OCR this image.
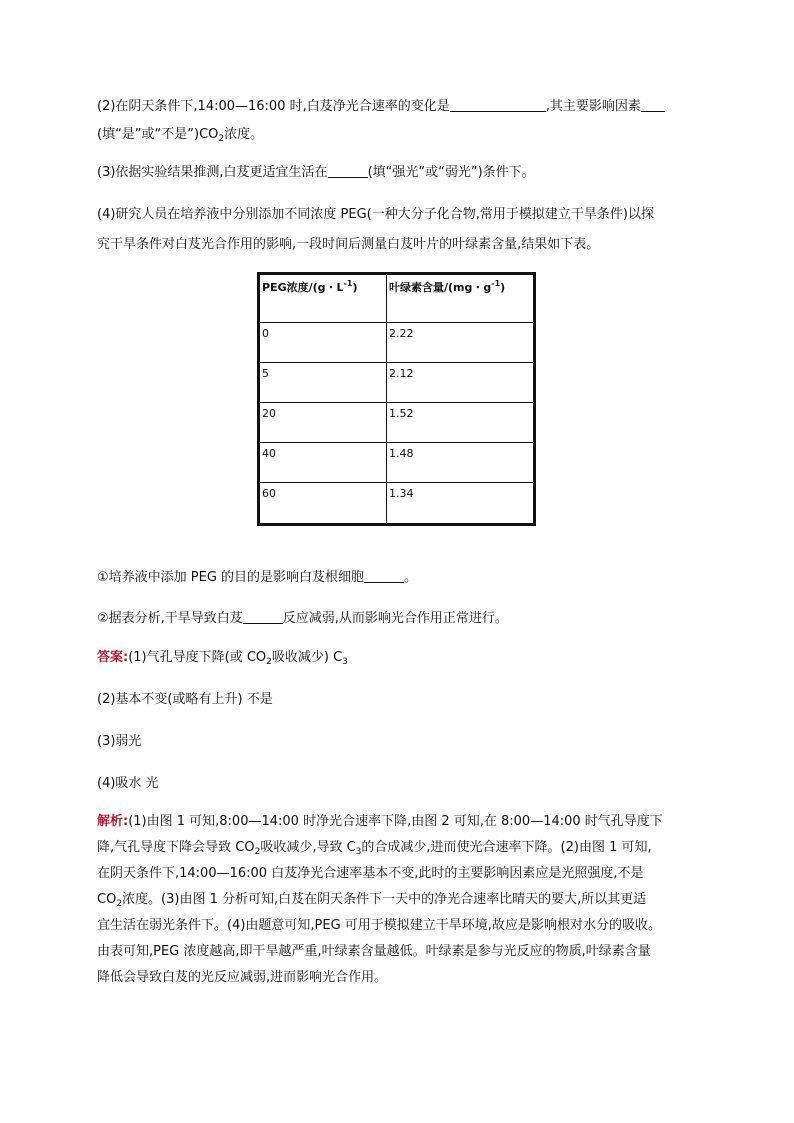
(2)在阴天条件下,14:00—16:00 时,白芨净光合速率的变化是	,其主要影响因素
(填“是”或“不是$”)CO_2$浓度。
(3)依据实验结果推测,白芨更适宜生活在	(填“强光”或“弱光”)条件下。
(4)研究人员在培养液中分别添加不同浓度 PEG(一种大分子化合物,常用于模拟建立干旱条件)以探
究干旱条件对白芨光合作用的影响,一段时间后测量白芨叶片的叶绿素含量,结果如下表。
PEG浓度/(g・$L^{-1}$)	叶绿素含量/(mg・$g^{-1}$)
0	2.22
5	2.12
20	1.52
40	1.48
60	1.34
①培养液中添加 PEG 的目的是影响白芨根细胞	。
②据表分析,干旱导致白芨	反应减弱,从而影响光合作用正常进行。
答案:(1)气孔导度下降(或 $CO_2$吸收减少) $C_3$
(2)基本不变(或略有上升) 不是
(3)弱光
(4)吸水 光
解析:(1)由图 1 可知,8:00—14:00 时净光合速率下降,由图 2 可知,在 8:00—14:00 时气孔导度下
降,气孔导度下降会导致 $CO_2$吸收减少,导致 $C_3$的合成减少,进而使光合速率下降。(2)由图 1 可知,
在阴天条件下,14:00—16:00 白芨净光合速率基本不变,此时的主要影响因素应是光照强度,不是
$CO_2$浓度。(3)由图 1 分析可知,白芨在阴天条件下一天中的净光合速率比晴天的要大,所以其更适
宜生活在弱光条件下。(4)由题意可知,PEG 可用于模拟建立干旱环境,故应是影响根对水分的吸收。
由表可知,PEG 浓度越高,即干旱越严重,叶绿素含量越低。叶绿素是参与光反应的物质,叶绿素含量
降低会导致白芨的光反应减弱,进而影响光合作用。
